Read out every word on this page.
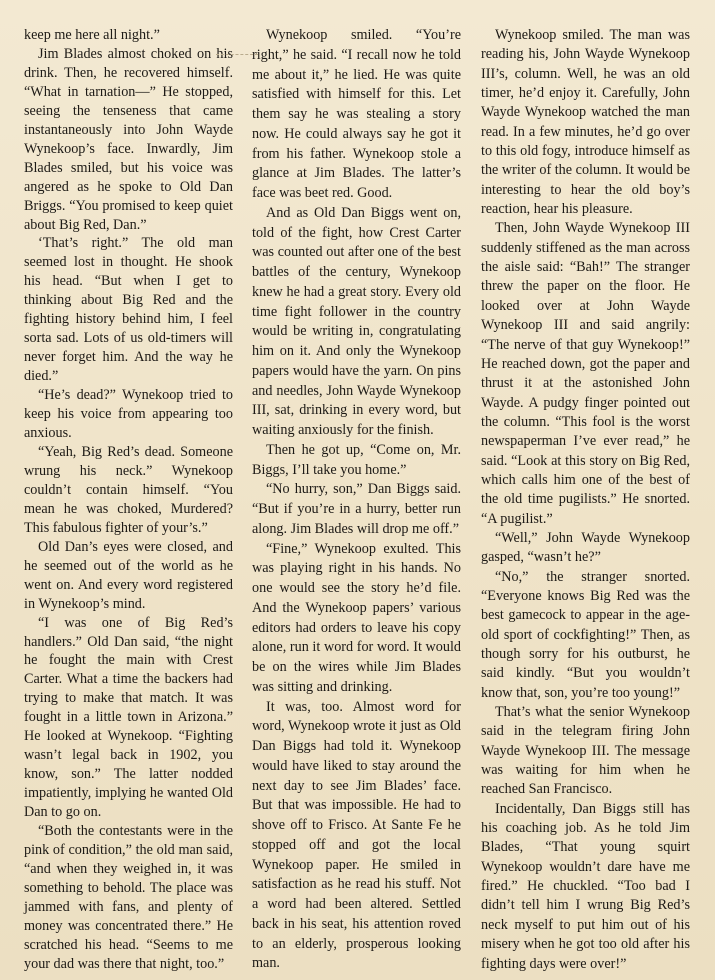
keep me here all night.”

Jim Blades almost choked on his drink. Then, he recovered himself. “What in tarnation—” He stopped, seeing the tenseness that came instantaneously into John Wayde Wynekoop’s face. Inwardly, Jim Blades smiled, but his voice was angered as he spoke to Old Dan Briggs. “You promised to keep quiet about Big Red, Dan.”

‘That’s right.” The old man seemed lost in thought. He shook his head. “But when I get to thinking about Big Red and the fighting history behind him, I feel sorta sad. Lots of us old-timers will never forget him. And the way he died.”

“He’s dead?” Wynekoop tried to keep his voice from appearing too anxious.

“Yeah, Big Red’s dead. Someone wrung his neck.” Wynekoop couldn’t contain himself. “You mean he was choked, Murdered? This fabulous fighter of your’s.”

Old Dan’s eyes were closed, and he seemed out of the world as he went on. And every word registered in Wynekoop’s mind.

“I was one of Big Red’s handlers.” Old Dan said, “the night he fought the main with Crest Carter. What a time the backers had trying to make that match. It was fought in a little town in Arizona.” He looked at Wynekoop. “Fighting wasn’t legal back in 1902, you know, son.” The latter nodded impatiently, implying he wanted Old Dan to go on.

“Both the contestants were in the pink of condition,” the old man said, “and when they weighed in, it was something to behold. The place was jammed with fans, and plenty of money was concentrated there.” He scratched his head. “Seems to me your dad was there that night, too.”

Wynekoop smiled. “You’re right,” he said. “I recall now he told me about it,” he lied. He was quite satisfied with himself for this. Let them say he was stealing a story now. He could always say he got it from his father. Wynekoop stole a glance at Jim Blades. The latter’s face was beet red. Good.

And as Old Dan Biggs went on, told of the fight, how Crest Carter was counted out after one of the best battles of the century, Wynekoop knew he had a great story. Every old time fight follower in the country would be writing in, congratulating him on it. And only the Wynekoop papers would have the yarn. On pins and needles, John Wayde Wynekoop III, sat, drinking in every word, but waiting anxiously for the finish.

Then he got up, “Come on, Mr. Biggs, I’ll take you home.”

“No hurry, son,” Dan Biggs said. “But if you’re in a hurry, better run along. Jim Blades will drop me off.”

“Fine,” Wynekoop exulted. This was playing right in his hands. No one would see the story he’d file. And the Wynekoop papers’ various editors had orders to leave his copy alone, run it word for word. It would be on the wires while Jim Blades was sitting and drinking.

It was, too. Almost word for word, Wynekoop wrote it just as Old Dan Biggs had told it. Wynekoop would have liked to stay around the next day to see Jim Blades’ face. But that was impossible. He had to shove off to Frisco. At Sante Fe he stopped off and got the local Wynekoop paper. He smiled in satisfaction as he read his stuff. Not a word had been altered. Settled back in his seat, his attention roved to an elderly, prosperous looking man.

Wynekoop smiled. The man was reading his, John Wayde Wynekoop III’s, column. Well, he was an old timer, he’d enjoy it. Carefully, John Wayde Wynekoop watched the man read. In a few minutes, he’d go over to this old fogy, introduce himself as the writer of the column. It would be interesting to hear the old boy’s reaction, hear his pleasure.

Then, John Wayde Wynekoop III suddenly stiffened as the man across the aisle said: “Bah!” The stranger threw the paper on the floor. He looked over at John Wayde Wynekoop III and said angrily: “The nerve of that guy Wynekoop!” He reached down, got the paper and thrust it at the astonished John Wayde. A pudgy finger pointed out the column. “This fool is the worst newspaperman I’ve ever read,” he said. “Look at this story on Big Red, which calls him one of the best of the old time pugilists.” He snorted. “A pugilist.”

“Well,” John Wayde Wynekoop gasped, “wasn’t he?”

“No,” the stranger snorted. “Everyone knows Big Red was the best gamecock to appear in the age-old sport of cockfighting!” Then, as though sorry for his outburst, he said kindly. “But you wouldn’t know that, son, you’re too young!”

That’s what the senior Wynekoop said in the telegram firing John Wayde Wynekoop III. The message was waiting for him when he reached San Francisco.

Incidentally, Dan Biggs still has his coaching job. As he told Jim Blades, “That young squirt Wynekoop wouldn’t dare have me fired.” He chuckled. “Too bad I didn’t tell him I wrung Big Red’s neck myself to put him out of his misery when he got too old after his fighting days were over!”
